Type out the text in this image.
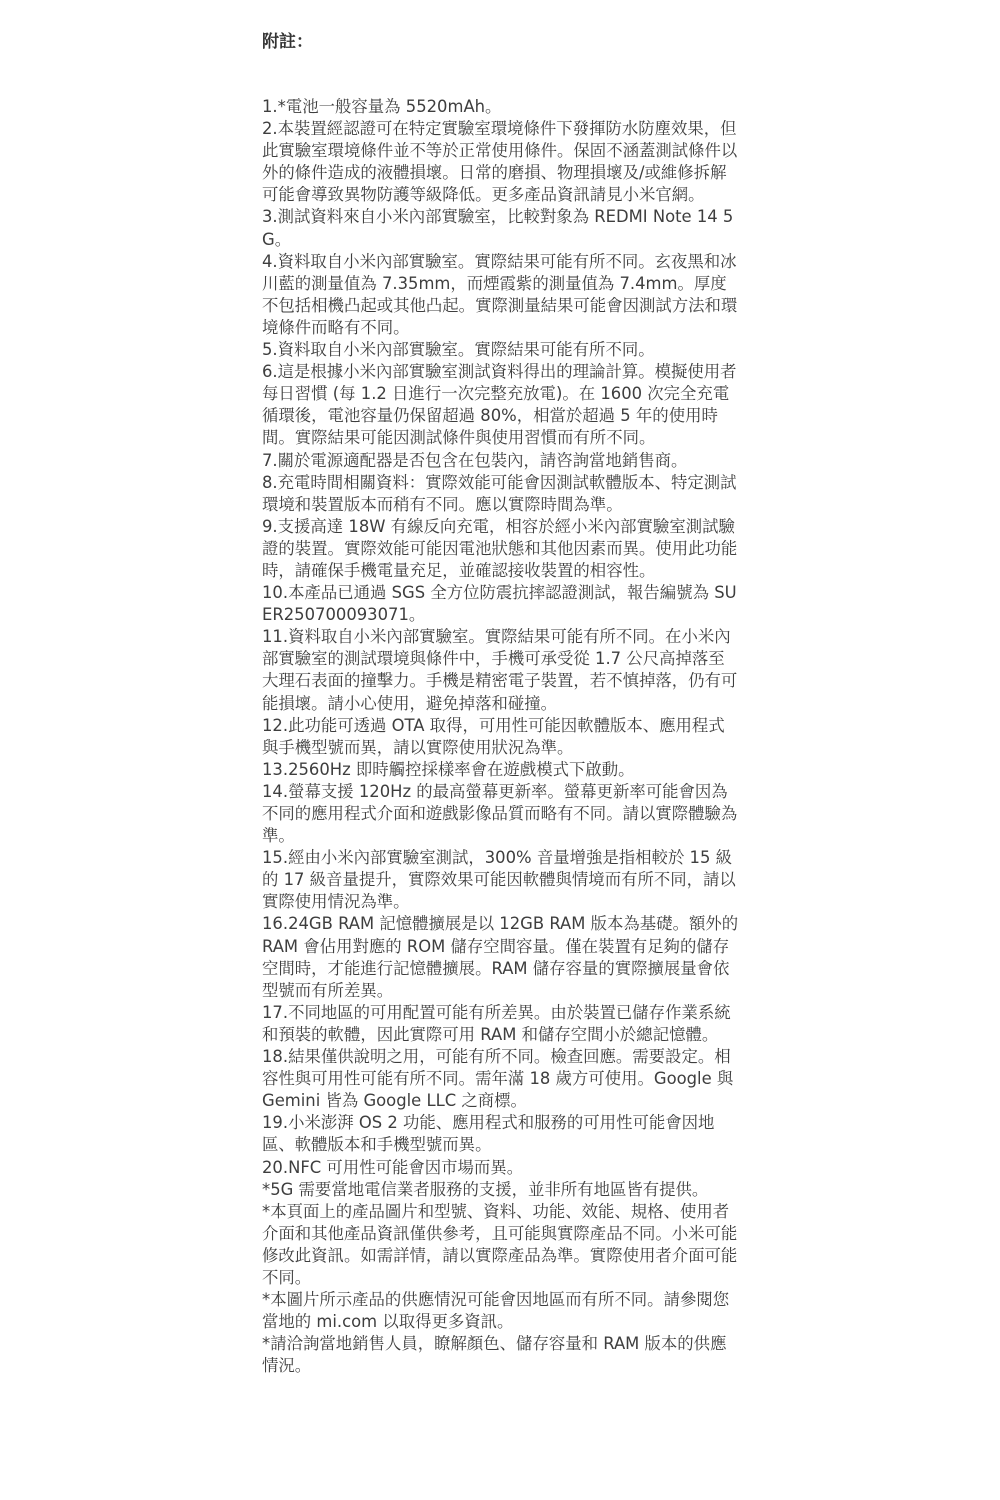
附註：
1.*電池一般容量為 5520mAh。
2.本裝置經認證可在特定實驗室環境條件下發揮防水防塵效果，但此實驗室環境條件並不等於正常使用條件。保固不涵蓋測試條件以外的條件造成的液體損壞。日常的磨損、物理損壞及/或維修拆解可能會導致異物防護等級降低。更多產品資訊請見小米官網。
3.測試資料來自小米內部實驗室，比較對象為 REDMI Note 14 5G。
4.資料取自小米內部實驗室。實際結果可能有所不同。玄夜黑和冰川藍的測量值為 7.35mm，而煙霞紫的測量值為 7.4mm。厚度不包括相機凸起或其他凸起。實際測量結果可能會因測試方法和環境條件而略有不同。
5.資料取自小米內部實驗室。實際結果可能有所不同。
6.這是根據小米內部實驗室測試資料得出的理論計算。模擬使用者每日習慣 (每 1.2 日進行一次完整充放電)。在 1600 次完全充電循環後，電池容量仍保留超過 80%，相當於超過 5 年的使用時間。實際結果可能因測試條件與使用習慣而有所不同。
7.關於電源適配器是否包含在包裝內，請咨詢當地銷售商。
8.充電時間相關資料：實際效能可能會因測試軟體版本、特定測試環境和裝置版本而稍有不同。應以實際時間為準。
9.支援高達 18W 有線反向充電，相容於經小米內部實驗室測試驗證的裝置。實際效能可能因電池狀態和其他因素而異。使用此功能時，請確保手機電量充足，並確認接收裝置的相容性。
10.本產品已通過 SGS 全方位防震抗摔認證測試，報告編號為 SUER250700093071。
11.資料取自小米內部實驗室。實際結果可能有所不同。在小米內部實驗室的測試環境與條件中，手機可承受從 1.7 公尺高掉落至大理石表面的撞擊力。手機是精密電子裝置，若不慎掉落，仍有可能損壞。請小心使用，避免掉落和碰撞。
12.此功能可透過 OTA 取得，可用性可能因軟體版本、應用程式與手機型號而異，請以實際使用狀況為準。
13.2560Hz 即時觸控採樣率會在遊戲模式下啟動。
14.螢幕支援 120Hz 的最高螢幕更新率。螢幕更新率可能會因為不同的應用程式介面和遊戲影像品質而略有不同。請以實際體驗為準。
15.經由小米內部實驗室測試，300% 音量增強是指相較於 15 級的 17 級音量提升，實際效果可能因軟體與情境而有所不同，請以實際使用情況為準。
16.24GB RAM 記憶體擴展是以 12GB RAM 版本為基礎。額外的 RAM 會佔用對應的 ROM 儲存空間容量。僅在裝置有足夠的儲存空間時，才能進行記憶體擴展。RAM 儲存容量的實際擴展量會依型號而有所差異。
17.不同地區的可用配置可能有所差異。由於裝置已儲存作業系統和預裝的軟體，因此實際可用 RAM 和儲存空間小於總記憶體。
18.結果僅供說明之用，可能有所不同。檢查回應。需要設定。相容性與可用性可能有所不同。需年滿 18 歲方可使用。Google 與 Gemini 皆為 Google LLC 之商標。
19.小米澎湃 OS 2 功能、應用程式和服務的可用性可能會因地區、軟體版本和手機型號而異。
20.NFC 可用性可能會因市場而異。
*5G 需要當地電信業者服務的支援，並非所有地區皆有提供。
*本頁面上的產品圖片和型號、資料、功能、效能、規格、使用者介面和其他產品資訊僅供參考，且可能與實際產品不同。小米可能修改此資訊。如需詳情，請以實際產品為準。實際使用者介面可能不同。
*本圖片所示產品的供應情況可能會因地區而有所不同。請參閱您當地的 mi.com 以取得更多資訊。
*請洽詢當地銷售人員，瞭解顏色、儲存容量和 RAM 版本的供應情況。
